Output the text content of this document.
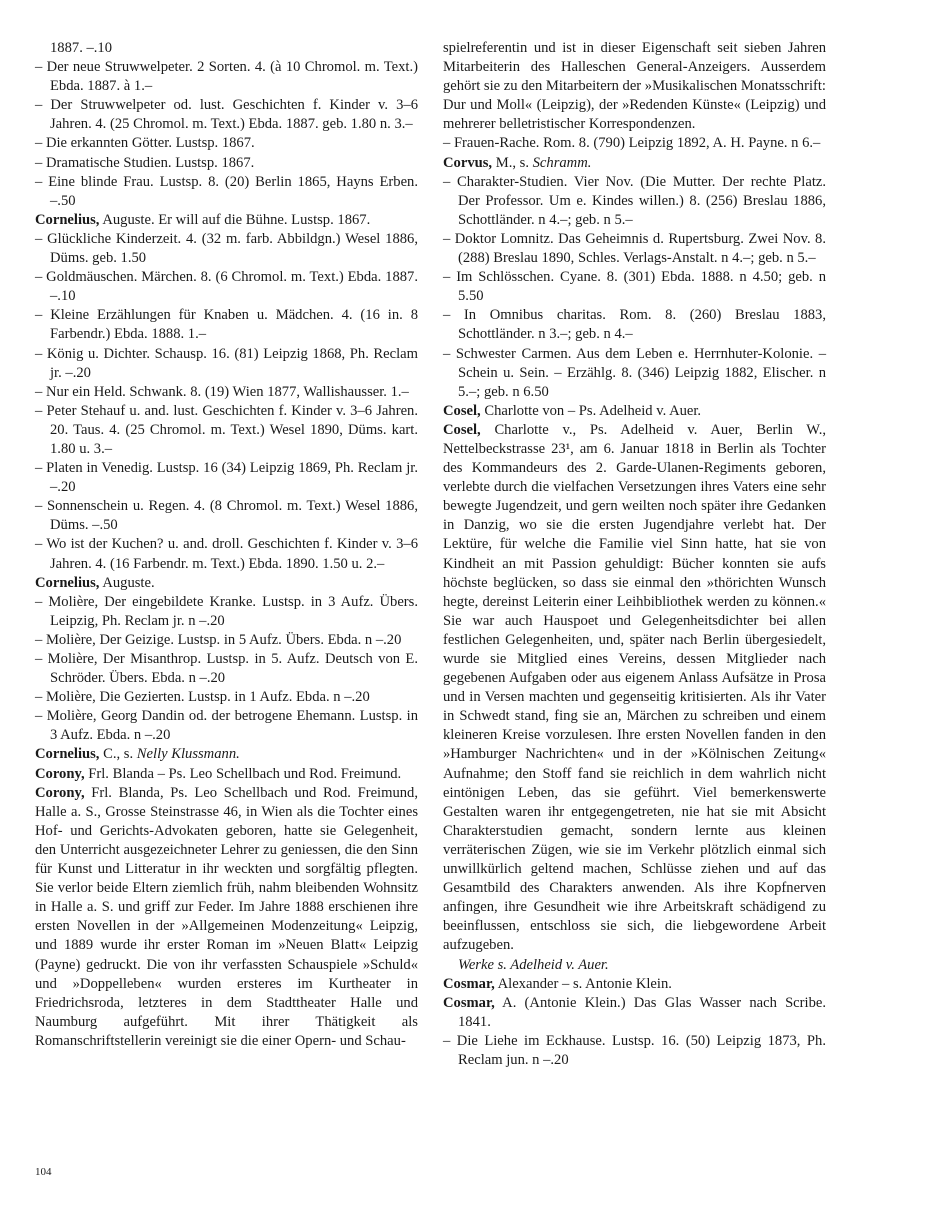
1887. –.10

– Der neue Struwwelpeter. 2 Sorten. 4. (à 10 Chromol. m. Text.) Ebda. 1887. à 1.–

– Der Struwwelpeter od. lust. Geschichten f. Kinder v. 3–6 Jahren. 4. (25 Chromol. m. Text.) Ebda. 1887. geb. 1.80 n. 3.–

– Die erkannten Götter. Lustsp. 1867.

– Dramatische Studien. Lustsp. 1867.

– Eine blinde Frau. Lustsp. 8. (20) Berlin 1865, Hayns Erben. –.50

Cornelius, Auguste. Er will auf die Bühne. Lustsp. 1867.

– Glückliche Kinderzeit. 4. (32 m. farb. Abbildgn.) Wesel 1886, Düms. geb. 1.50

– Goldmäuschen. Märchen. 8. (6 Chromol. m. Text.) Ebda. 1887. –.10

– Kleine Erzählungen für Knaben u. Mädchen. 4. (16 in. 8 Farbendr.) Ebda. 1888. 1.–

– König u. Dichter. Schausp. 16. (81) Leipzig 1868, Ph. Reclam jr. –.20

– Nur ein Held. Schwank. 8. (19) Wien 1877, Wallishausser. 1.–

– Peter Stehauf u. and. lust. Geschichten f. Kinder v. 3–6 Jahren. 20. Taus. 4. (25 Chromol. m. Text.) Wesel 1890, Düms. kart. 1.80 u. 3.–

– Platen in Venedig. Lustsp. 16 (34) Leipzig 1869, Ph. Reclam jr. –.20

– Sonnenschein u. Regen. 4. (8 Chromol. m. Text.) Wesel 1886, Düms. –.50

– Wo ist der Kuchen? u. and. droll. Geschichten f. Kinder v. 3–6 Jahren. 4. (16 Farbendr. m. Text.) Ebda. 1890. 1.50 u. 2.–

Cornelius, Auguste.

– Molière, Der eingebildete Kranke. Lustsp. in 3 Aufz. Übers. Leipzig, Ph. Reclam jr. n –.20

– Molière, Der Geizige. Lustsp. in 5 Aufz. Übers. Ebda. n –.20

– Molière, Der Misanthrop. Lustsp. in 5. Aufz. Deutsch von E. Schröder. Übers. Ebda. n –.20

– Molière, Die Gezierten. Lustsp. in 1 Aufz. Ebda. n –.20

– Molière, Georg Dandin od. der betrogene Ehemann. Lustsp. in 3 Aufz. Ebda. n –.20

Cornelius, C., s. Nelly Klussmann.

Corony, Frl. Blanda – Ps. Leo Schellbach und Rod. Freimund.

Corony, Frl. Blanda, Ps. Leo Schellbach und Rod. Freimund, Halle a. S., Grosse Steinstrasse 46, in Wien als die Tochter eines Hof- und Gerichts-Advokaten geboren, hatte sie Gelegenheit, den Unterricht ausgezeichneter Lehrer zu geniessen, die den Sinn für Kunst und Litteratur in ihr weckten und sorgfältig pflegten. Sie verlor beide Eltern ziemlich früh, nahm bleibenden Wohnsitz in Halle a. S. und griff zur Feder. Im Jahre 1888 erschienen ihre ersten Novellen in der »Allgemeinen Modenzeitung« Leipzig, und 1889 wurde ihr erster Roman im »Neuen Blatt« Leipzig (Payne) gedruckt. Die von ihr verfassten Schauspiele »Schuld« und »Doppelleben« wurden ersteres im Kurtheater in Friedrichsroda, letzteres in dem Stadttheater Halle und Naumburg aufgeführt. Mit ihrer Thätigkeit als Romanschriftstellerin vereinigt sie die einer Opern- und Schau-

spielreferentin und ist in dieser Eigenschaft seit sieben Jahren Mitarbeiterin des Halleschen General-Anzeigers. Ausserdem gehört sie zu den Mitarbeitern der »Musikalischen Monatsschrift: Dur und Moll« (Leipzig), der »Redenden Künste« (Leipzig) und mehrerer belletristischer Korrespondenzen.

– Frauen-Rache. Rom. 8. (790) Leipzig 1892, A. H. Payne. n 6.–

Corvus, M., s. Schramm.

– Charakter-Studien. Vier Nov. (Die Mutter. Der rechte Platz. Der Professor. Um e. Kindes willen.) 8. (256) Breslau 1886, Schottländer. n 4.–; geb. n 5.–

– Doktor Lomnitz. Das Geheimnis d. Rupertsburg. Zwei Nov. 8. (288) Breslau 1890, Schles. Verlags-Anstalt. n 4.–; geb. n 5.–

– Im Schlösschen. Cyane. 8. (301) Ebda. 1888. n 4.50; geb. n 5.50

– In Omnibus charitas. Rom. 8. (260) Breslau 1883, Schottländer. n 3.–; geb. n 4.–

– Schwester Carmen. Aus dem Leben e. Herrnhuter-Kolonie. – Schein u. Sein. – Erzählg. 8. (346) Leipzig 1882, Elischer. n 5.–; geb. n 6.50

Cosel, Charlotte von – Ps. Adelheid v. Auer.

Cosel, Charlotte v., Ps. Adelheid v. Auer, Berlin W., Nettelbeckstrasse 23¹, am 6. Januar 1818 in Berlin als Tochter des Kommandeurs des 2. Garde-Ulanen-Regiments geboren, verlebte durch die vielfachen Versetzungen ihres Vaters eine sehr bewegte Jugendzeit, und gern weilten noch später ihre Gedanken in Danzig, wo sie die ersten Jugendjahre verlebt hat. Der Lektüre, für welche die Familie viel Sinn hatte, hat sie von Kindheit an mit Passion gehuldigt: Bücher konnten sie aufs höchste beglücken, so dass sie einmal den »thörichten Wunsch hegte, dereinst Leiterin einer Leihbibliothek werden zu können.« Sie war auch Hauspoet und Gelegenheitsdichter bei allen festlichen Gelegenheiten, und, später nach Berlin übergesiedelt, wurde sie Mitglied eines Vereins, dessen Mitglieder nach gegebenen Aufgaben oder aus eigenem Anlass Aufsätze in Prosa und in Versen machten und gegenseitig kritisierten. Als ihr Vater in Schwedt stand, fing sie an, Märchen zu schreiben und einem kleineren Kreise vorzulesen. Ihre ersten Novellen fanden in den »Hamburger Nachrichten« und in der »Kölnischen Zeitung« Aufnahme; den Stoff fand sie reichlich in dem wahrlich nicht eintönigen Leben, das sie geführt. Viel bemerkenswerte Gestalten waren ihr entgegengetreten, nie hat sie mit Absicht Charakterstudien gemacht, sondern lernte aus kleinen verräterischen Zügen, wie sie im Verkehr plötzlich einmal sich unwillkürlich geltend machen, Schlüsse ziehen und auf das Gesamtbild des Charakters anwenden. Als ihre Kopfnerven anfingen, ihre Gesundheit wie ihre Arbeitskraft schädigend zu beeinflussen, entschloss sie sich, die liebgewordene Arbeit aufzugeben.

Werke s. Adelheid v. Auer.

Cosmar, Alexander – s. Antonie Klein.

Cosmar, A. (Antonie Klein.) Das Glas Wasser nach Scribe. 1841.

– Die Liehe im Eckhause. Lustsp. 16. (50) Leipzig 1873, Ph. Reclam jun. n –.20

104
